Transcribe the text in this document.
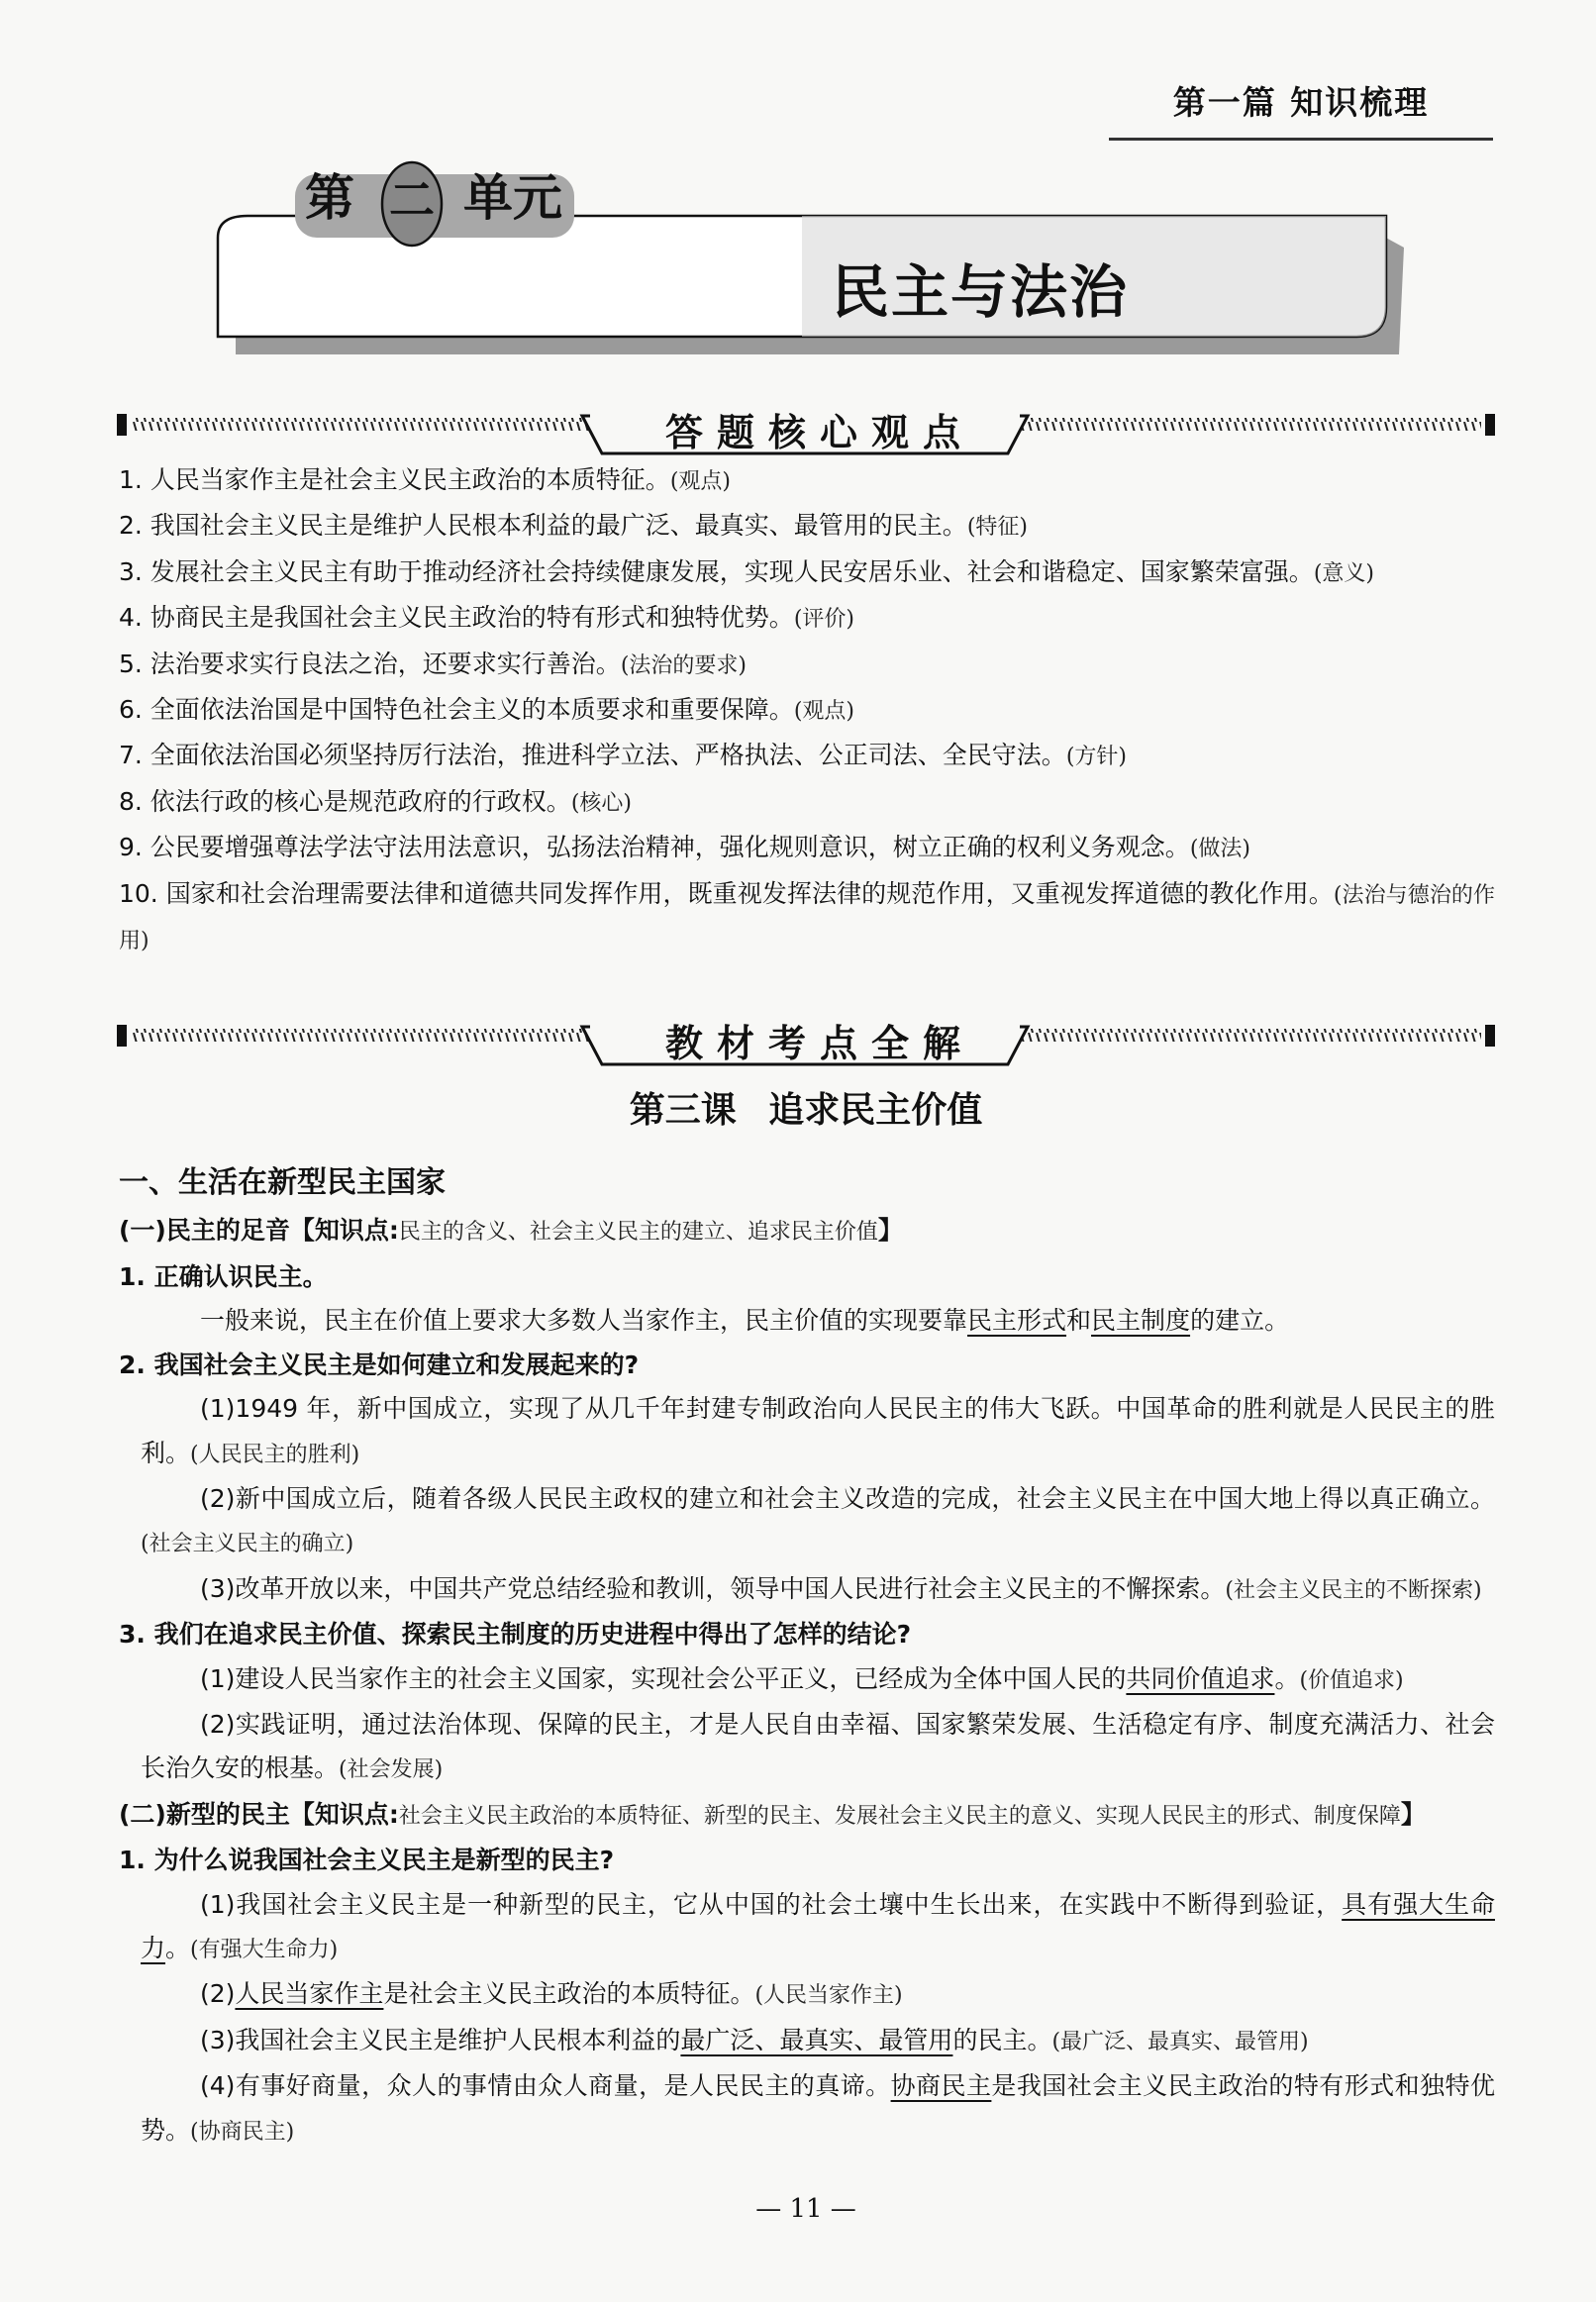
第一篇 知识梳理
第 二 单元
民主与法治
答题核心观点

1. 人民当家作主是社会主义民主政治的本质特征。(观点)

2. 我国社会主义民主是维护人民根本利益的最广泛、最真实、最管用的民主。(特征)

3. 发展社会主义民主有助于推动经济社会持续健康发展，实现人民安居乐业、社会和谐稳定、国家繁荣富强。(意义)

4. 协商民主是我国社会主义民主政治的特有形式和独特优势。(评价)

5. 法治要求实行良法之治，还要求实行善治。(法治的要求)

6. 全面依法治国是中国特色社会主义的本质要求和重要保障。(观点)

7. 全面依法治国必须坚持厉行法治，推进科学立法、严格执法、公正司法、全民守法。(方针)

8. 依法行政的核心是规范政府的行政权。(核心)

9. 公民要增强尊法学法守法用法意识，弘扬法治精神，强化规则意识，树立正确的权利义务观念。(做法)

10. 国家和社会治理需要法律和道德共同发挥作用，既重视发挥法律的规范作用，又重视发挥道德的教化作用。(法治与德治的作用)

教材考点全解
第三课 追求民主价值

一、生活在新型民主国家

(一)民主的足音【知识点:民主的含义、社会主义民主的建立、追求民主价值】

1. 正确认识民主。

一般来说，民主在价值上要求大多数人当家作主，民主价值的实现要靠民主形式和民主制度的建立。

2. 我国社会主义民主是如何建立和发展起来的?

(1)1949 年，新中国成立，实现了从几千年封建专制政治向人民民主的伟大飞跃。中国革命的胜利就是人民民主的胜利。(人民民主的胜利)

(2)新中国成立后，随着各级人民民主政权的建立和社会主义改造的完成，社会主义民主在中国大地上得以真正确立。(社会主义民主的确立)

(3)改革开放以来，中国共产党总结经验和教训，领导中国人民进行社会主义民主的不懈探索。(社会主义民主的不断探索)

3. 我们在追求民主价值、探索民主制度的历史进程中得出了怎样的结论?

(1)建设人民当家作主的社会主义国家，实现社会公平正义，已经成为全体中国人民的共同价值追求。(价值追求)

(2)实践证明，通过法治体现、保障的民主，才是人民自由幸福、国家繁荣发展、生活稳定有序、制度充满活力、社会长治久安的根基。(社会发展)

(二)新型的民主【知识点:社会主义民主政治的本质特征、新型的民主、发展社会主义民主的意义、实现人民民主的形式、制度保障】

1. 为什么说我国社会主义民主是新型的民主?

(1)我国社会主义民主是一种新型的民主，它从中国的社会土壤中生长出来，在实践中不断得到验证，具有强大生命力。(有强大生命力)

(2)人民当家作主是社会主义民主政治的本质特征。(人民当家作主)

(3)我国社会主义民主是维护人民根本利益的最广泛、最真实、最管用的民主。(最广泛、最真实、最管用)

(4)有事好商量，众人的事情由众人商量，是人民民主的真谛。协商民主是我国社会主义民主政治的特有形式和独特优势。(协商民主)

— 11 —
